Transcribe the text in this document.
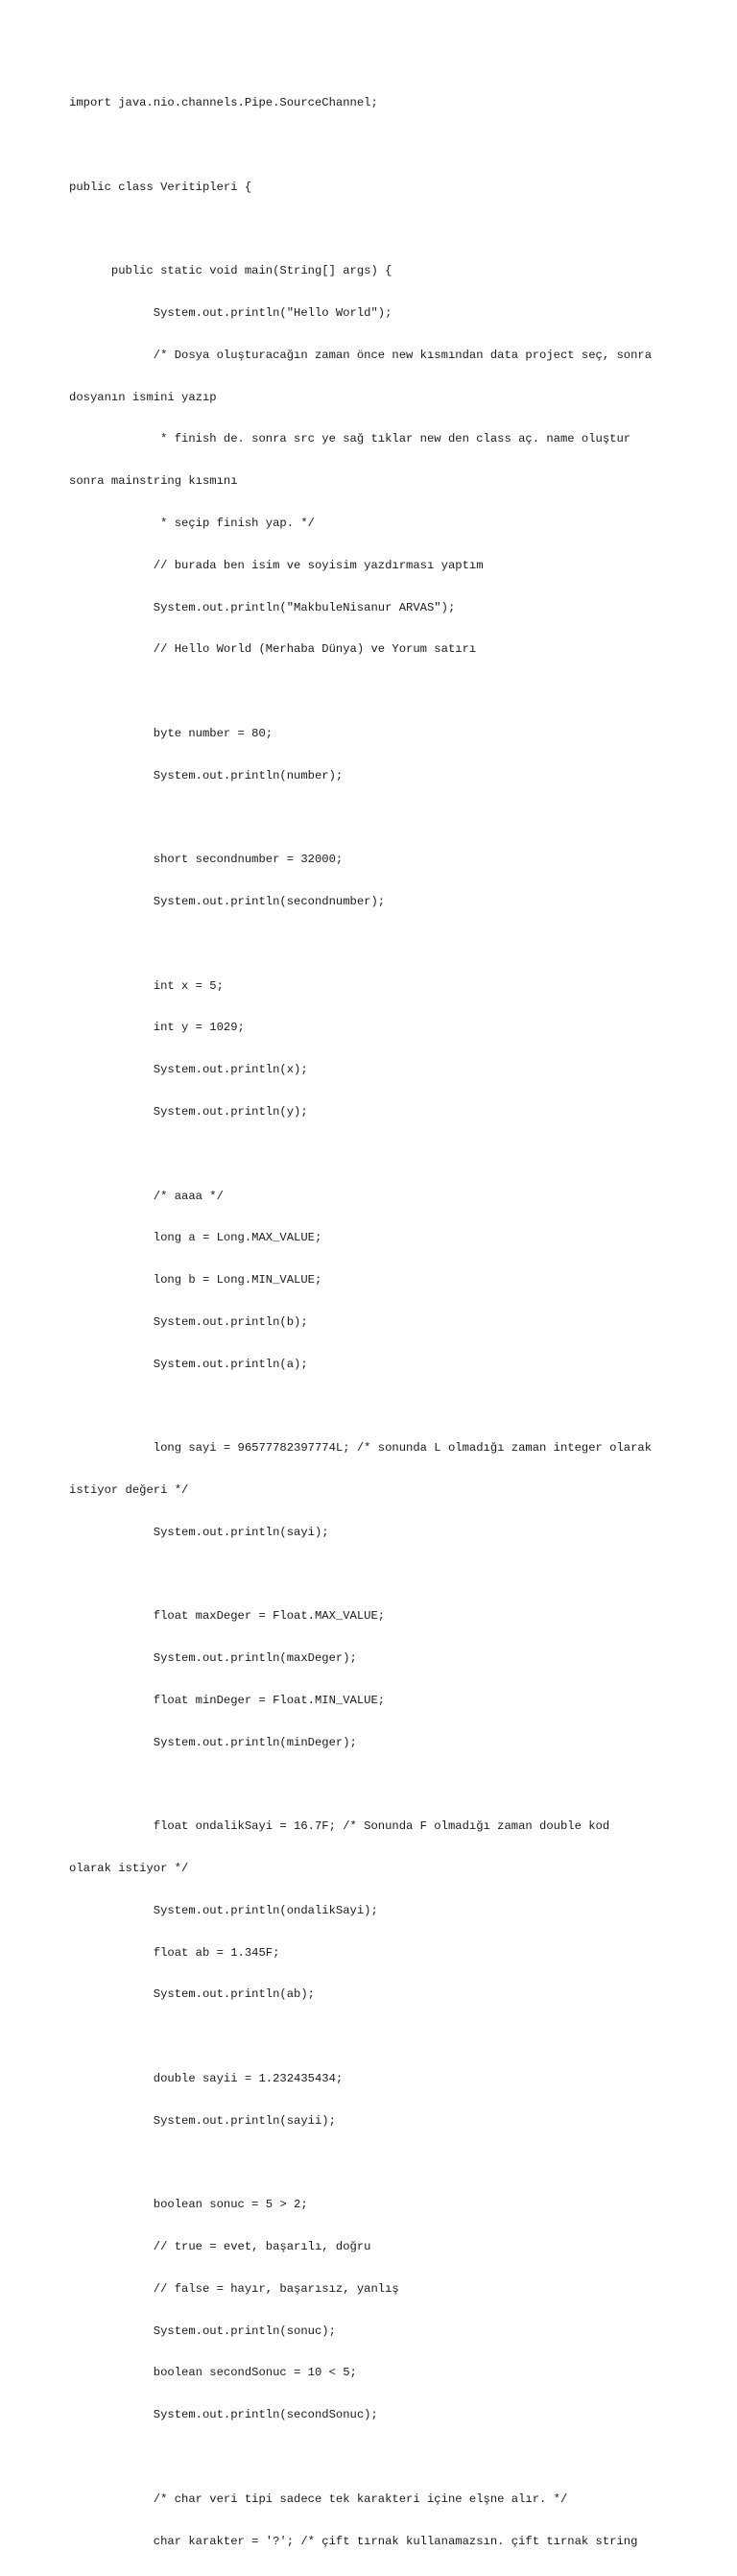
import java.nio.channels.Pipe.SourceChannel;

public class Veritipleri {

public static void main(String[] args) {

System.out.println("Hello World");

/* Dosya oluşturacağın zaman önce new kısmından data project seç, sonra

dosyanın ismini yazıp

* finish de. sonra src ye sağ tıklar new den class aç. name oluştur

sonra mainstring kısmını

* seçip finish yap. */

// burada ben isim ve soyisim yazdırması yaptım

System.out.println("MakbuleNisanur ARVAS");

// Hello World (Merhaba Dünya) ve Yorum satırı

byte number = 80;

System.out.println(number);

short secondnumber = 32000;

System.out.println(secondnumber);

int x = 5;

int y = 1029;

System.out.println(x);

System.out.println(y);

/* aaaa */

long a = Long.MAX_VALUE;

long b = Long.MIN_VALUE;

System.out.println(b);

System.out.println(a);

long sayi = 96577782397774L; /* sonunda L olmadığı zaman integer olarak

istiyor değeri */

System.out.println(sayi);

float maxDeger = Float.MAX_VALUE;

System.out.println(maxDeger);

float minDeger = Float.MIN_VALUE;

System.out.println(minDeger);

float ondalikSayi = 16.7F; /* Sonunda F olmadığı zaman double kod

olarak istiyor */

System.out.println(ondalikSayi);

float ab = 1.345F;

System.out.println(ab);

double sayii = 1.232435434;

System.out.println(sayii);

boolean sonuc = 5 > 2;

// true = evet, başarılı, doğru

// false = hayır, başarısız, yanlış

System.out.println(sonuc);

boolean secondSonuc = 10 < 5;

System.out.println(secondSonuc);

/* char veri tipi sadece tek karakteri içine elşne alır. */

char karakter = '?'; /* çift tırnak kullanamazsın. çift tırnak string
